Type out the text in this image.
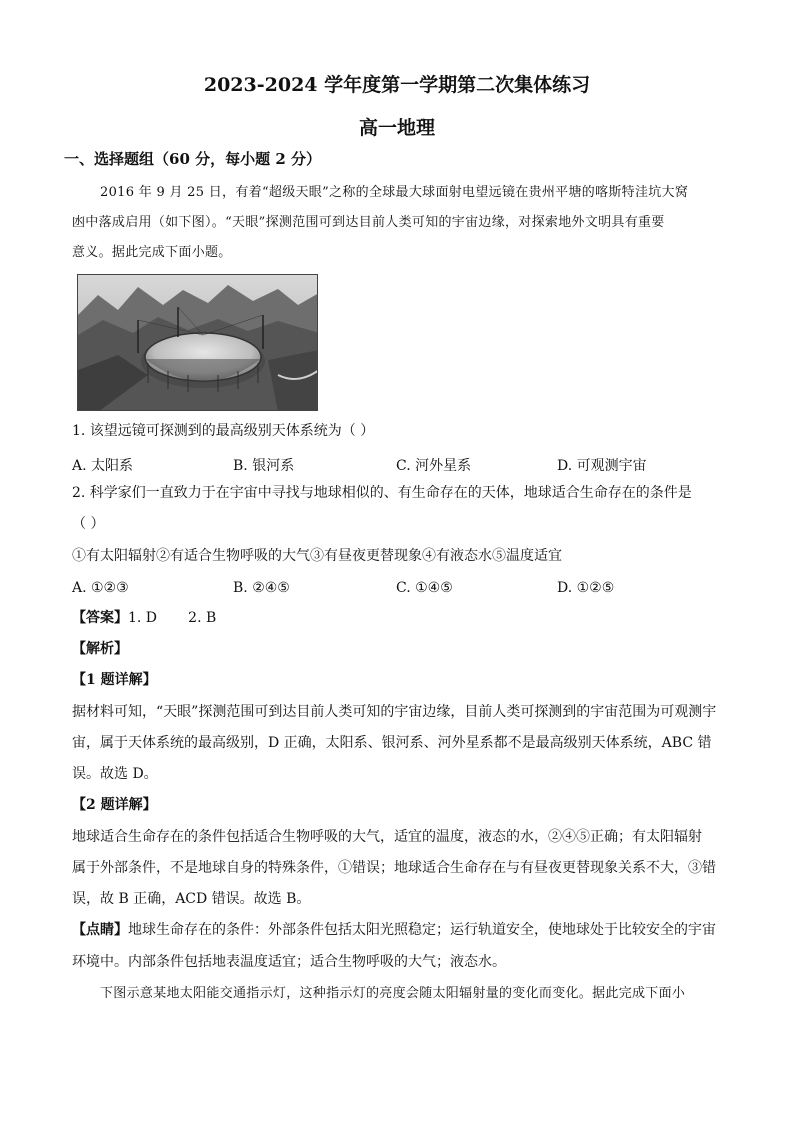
2023-2024 学年度第一学期第二次集体练习
高一地理
一、选择题组（60 分，每小题 2 分）
2016 年 9 月 25 日，有着“超级天眼”之称的全球最大球面射电望远镜在贵州平塘的喀斯特洼坑大窝
凼中落成启用（如下图）。“天眼”探测范围可到达目前人类可知的宇宙边缘，对探索地外文明具有重要
意义。据此完成下面小题。
1. 该望远镜可探测到的最高级别天体系统为（ ）
A. 太阳系	B. 银河系	C. 河外星系	D. 可观测宇宙
2. 科学家们一直致力于在宇宙中寻找与地球相似的、有生命存在的天体，地球适合生命存在的条件是
（ ）
①有太阳辐射②有适合生物呼吸的大气③有昼夜更替现象④有液态水⑤温度适宜
A. ①②③	B. ②④⑤	C. ①④⑤	D. ①②⑤
【答案】1. D       2. B
【解析】
【1 题详解】
据材料可知，“天眼”探测范围可到达目前人类可知的宇宙边缘，目前人类可探测到的宇宙范围为可观测宇
宙，属于天体系统的最高级别，D 正确，太阳系、银河系、河外星系都不是最高级别天体系统，ABC 错
误。故选 D。
【2 题详解】
地球适合生命存在的条件包括适合生物呼吸的大气，适宜的温度，液态的水，②④⑤正确；有太阳辐射
属于外部条件，不是地球自身的特殊条件，①错误；地球适合生命存在与有昼夜更替现象关系不大，③错
误，故 B 正确，ACD 错误。故选 B。
【点睛】地球生命存在的条件：外部条件包括太阳光照稳定；运行轨道安全，使地球处于比较安全的宇宙
环境中。内部条件包括地表温度适宜；适合生物呼吸的大气；液态水。
下图示意某地太阳能交通指示灯，这种指示灯的亮度会随太阳辐射量的变化而变化。据此完成下面小
